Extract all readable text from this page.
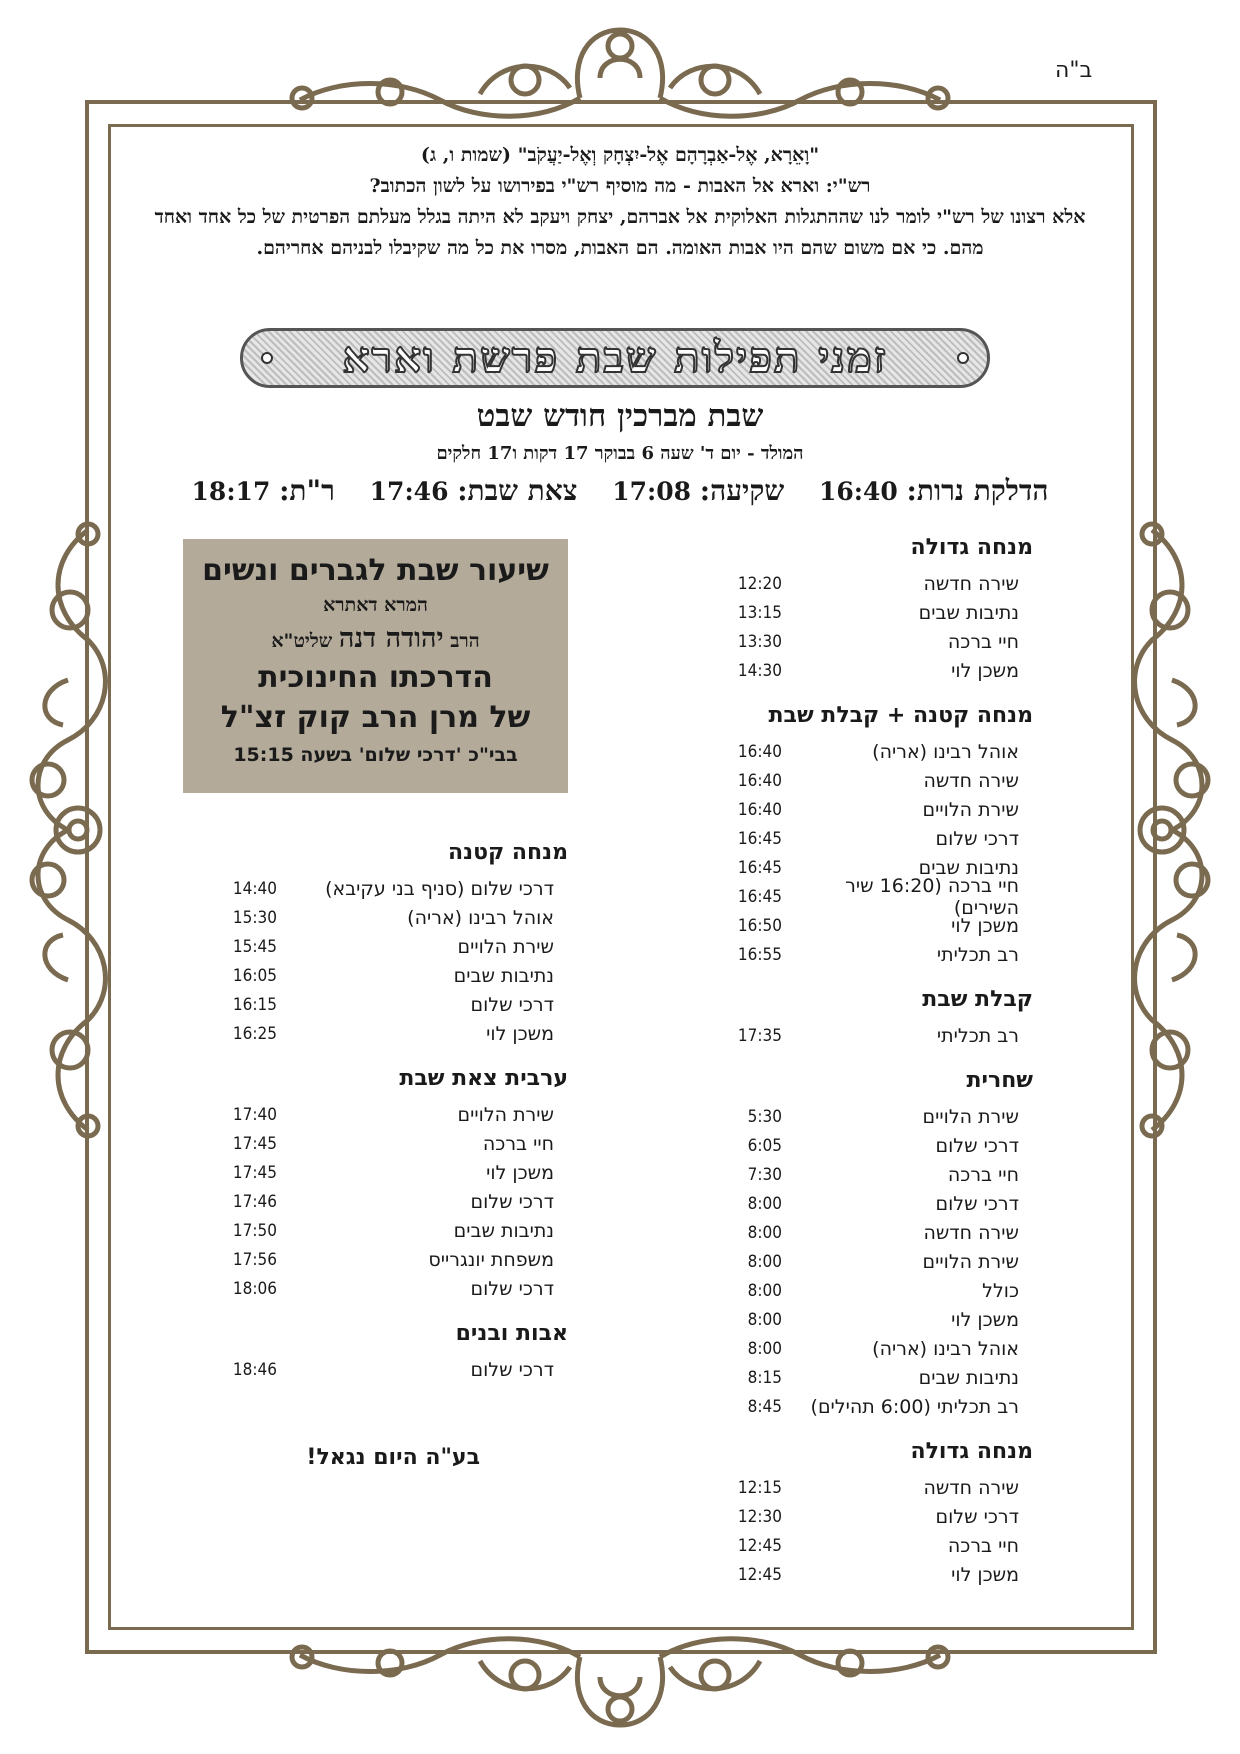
ב"ה
"וָאֵרָא, אֶל-אַבְרָהָם אֶל-יִצְחָק וְאֶל-יַעֲקֹב" (שמות ו, ג)
רש"י: וארא אל האבות - מה מוסיף רש"י בפירושו על לשון הכתוב?
אלא רצונו של רש"י לומר לנו שההתגלות האלוקית אל אברהם, יצחק ויעקב לא היתה בגלל מעלתם הפרטית של כל אחד ואחד מהם. כי אם משום שהם היו אבות האומה. הם האבות, מסרו את כל מה שקיבלו לבניהם אחריהם.
זמני תפילות שבת פרשת וארא
שבת מברכין חודש שבט
המולד - יום ד' שעה 6 בבוקר 17 דקות ו17 חלקים
הדלקת נרות: 16:40    שקיעה: 17:08    צאת שבת: 17:46    ר"ת: 18:17
שיעור שבת לגברים ונשים
המרא דאתרא
הרב יהודה דנה שליט"א
הדרכתו החינוכית
של מרן הרב קוק זצ"ל
בבי"כ 'דרכי שלום' בשעה 15:15
מנחה גדולה
שירה חדשה
12:20
נתיבות שבים
13:15
חיי ברכה
13:30
משכן לוי
14:30
מנחה קטנה + קבלת שבת
אוהל רבינו (אריה)
16:40
שירה חדשה
16:40
שירת הלויים
16:40
דרכי שלום
16:45
נתיבות שבים
16:45
חיי ברכה (16:20 שיר השירים)
16:45
משכן לוי
16:50
רב תכליתי
16:55
קבלת שבת
רב תכליתי
17:35
שחרית
שירת הלויים
5:30
דרכי שלום
6:05
חיי ברכה
7:30
דרכי שלום
8:00
שירה חדשה
8:00
שירת הלויים
8:00
כולל
8:00
משכן לוי
8:00
אוהל רבינו (אריה)
8:00
נתיבות שבים
8:15
רב תכליתי (6:00 תהילים)
8:45
מנחה גדולה
שירה חדשה
12:15
דרכי שלום
12:30
חיי ברכה
12:45
משכן לוי
12:45
מנחה קטנה
דרכי שלום (סניף בני עקיבא)
14:40
אוהל רבינו (אריה)
15:30
שירת הלויים
15:45
נתיבות שבים
16:05
דרכי שלום
16:15
משכן לוי
16:25
ערבית צאת שבת
שירת הלויים
17:40
חיי ברכה
17:45
משכן לוי
17:45
דרכי שלום
17:46
נתיבות שבים
17:50
משפחת יונגרייס
17:56
דרכי שלום
18:06
אבות ובנים
דרכי שלום
18:46
בע"ה היום נגאל!
